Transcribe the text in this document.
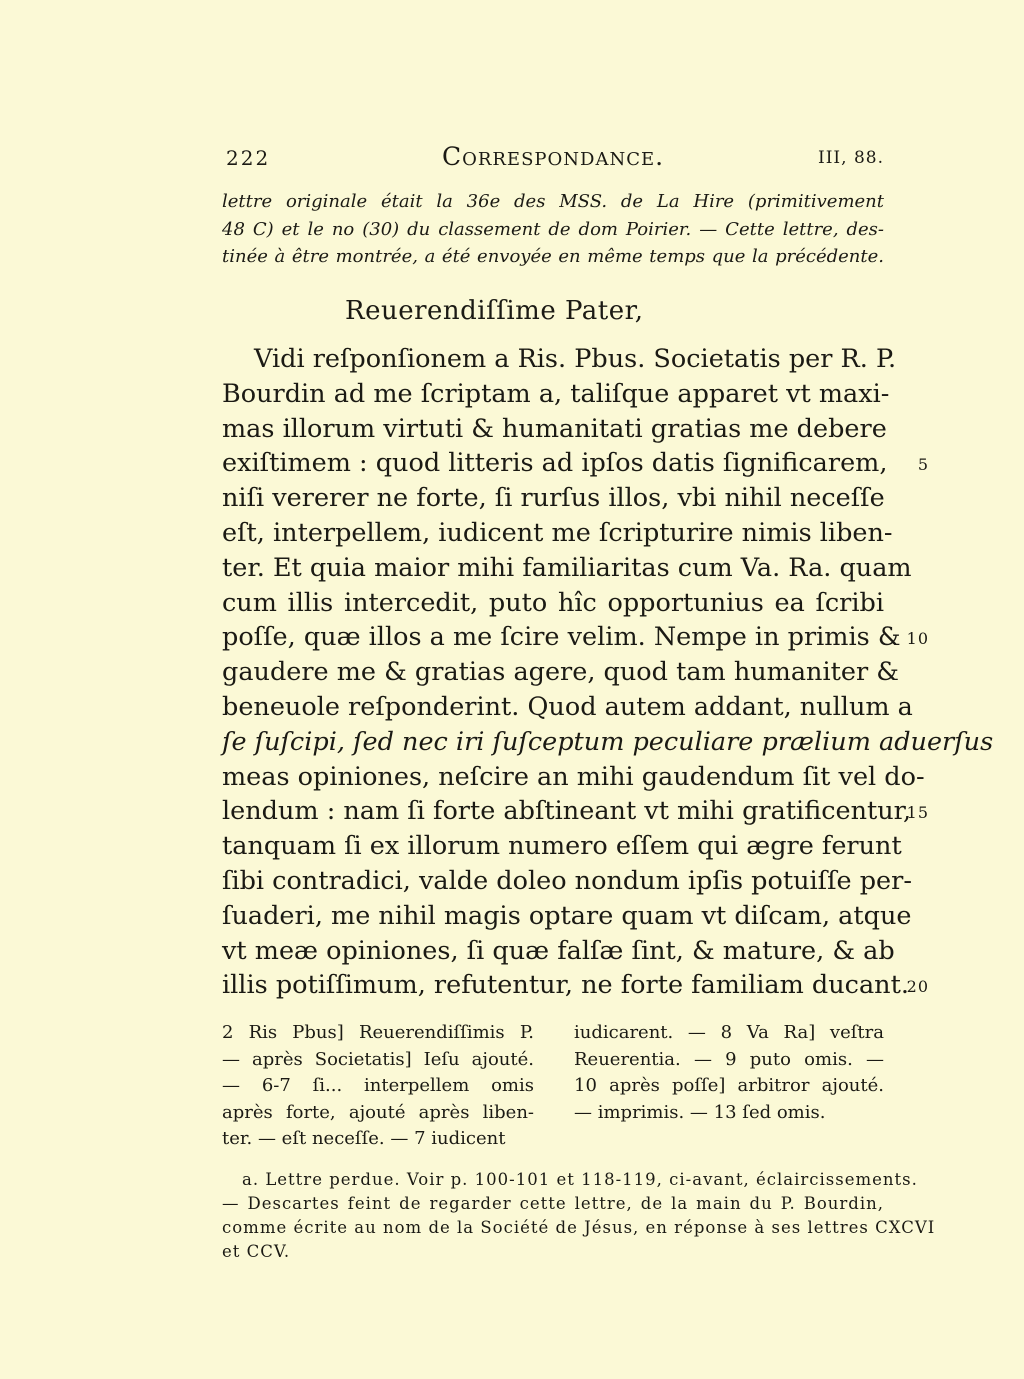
222	Correspondance.	III, 88.
lettre originale était la 36e des MSS. de La Hire (primitivement
48 C) et le no (30) du classement de dom Poirier. — Cette lettre, des-
tinée à être montrée, a été envoyée en même temps que la précédente.
Reuerendiſſime Pater,
Vidi reſponſionem a Ris. Pbus. Societatis per R. P.
Bourdin ad me ſcriptam a, taliſque apparet vt maxi-
mas illorum virtuti & humanitati gratias me debere
exiſtimem : quod litteris ad ipſos datis ſignificarem, 5
niſi vererer ne forte, ſi rurſus illos, vbi nihil neceſſe
eſt, interpellem, iudicent me ſcripturire nimis liben-
ter. Et quia maior mihi familiaritas cum Va. Ra. quam
cum illis intercedit, puto hîc opportunius ea ſcribi
poſſe, quæ illos a me ſcire velim. Nempe in primis & 10
gaudere me & gratias agere, quod tam humaniter &
beneuole reſponderint. Quod autem addant, nullum a
ſe ſuſcipi, ſed nec iri ſuſceptum peculiare prælium aduerſus
meas opiniones, neſcire an mihi gaudendum ſit vel do-
lendum : nam ſi forte abſtineant vt mihi gratificentur,
15
tanquam ſi ex illorum numero eſſem qui ægre ferunt
ſibi contradici, valde doleo nondum ipſis potuiſſe per-
ſuaderi, me nihil magis optare quam vt diſcam, atque
vt meæ opiniones, ſi quæ falſæ ſint, & mature, & ab
illis potiſſimum, refutentur, ne forte familiam ducant.
20
2 Ris Pbus] Reuerendiſſimis P.
— après Societatis] Ieſu ajouté.
— 6-7 ſi... interpellem omis
après forte, ajouté après liben-
ter. — eſt neceſſe. — 7 iudicent
iudicarent. — 8 Va Ra] veſtra
Reuerentia. — 9 puto omis. —
10 après poſſe] arbitror ajouté.
— imprimis. — 13 ſed omis.
a. Lettre perdue. Voir p. 100-101 et 118-119, ci-avant, éclaircissements.
— Descartes feint de regarder cette lettre, de la main du P. Bourdin,
comme écrite au nom de la Société de Jésus, en réponse à ses lettres CXCVI
et CCV.
